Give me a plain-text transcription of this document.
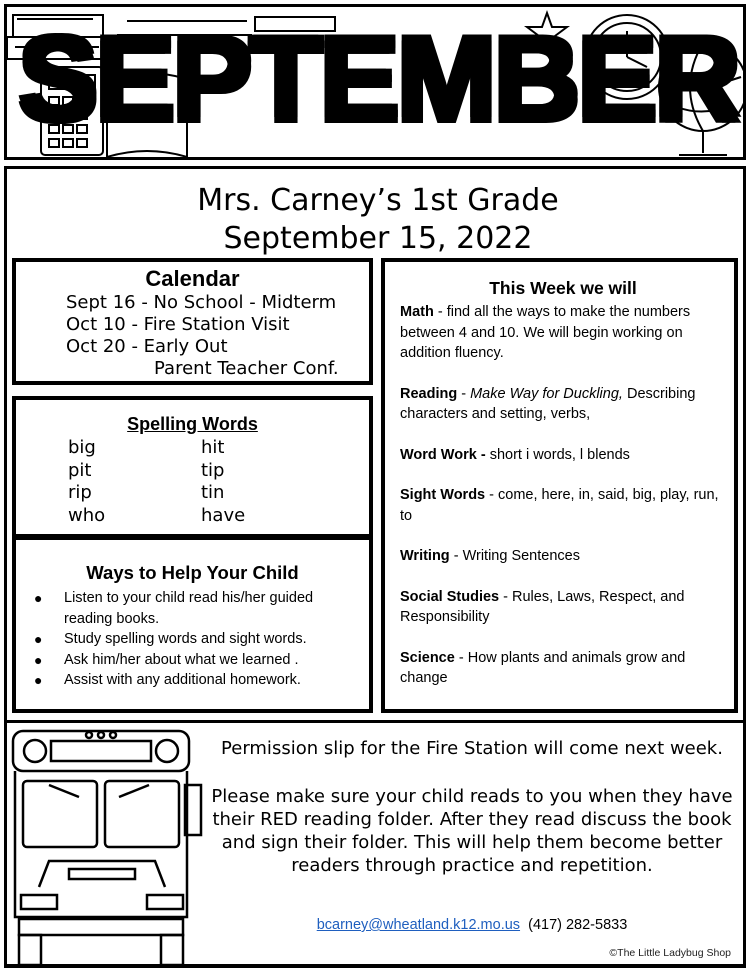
SEPTEMBER
Mrs. Carney’s 1st Grade
September 15, 2022
Calendar
Sept 16 - No School - Midterm
Oct 10 - Fire Station Visit
Oct 20 - Early Out
Parent Teacher Conf.
Spelling Words
big	hit
pit	tip
rip	tin
who	have
Ways to Help Your Child
● Listen to your child read his/her guided reading books.
● Study spelling words and sight words.
● Ask him/her about what we learned .
● Assist with any additional homework.
This Week we will
Math - find all the ways to make the numbers between 4 and 10. We will begin working on addition fluency.
Reading - Make Way for Duckling, Describing characters and setting, verbs,
Word Work - short i words, l blends
Sight Words - come, here, in, said, big, play, run, to
Writing - Writing Sentences
Social Studies - Rules, Laws, Respect, and Responsibility
Science - How plants and animals grow and change
Permission slip for the Fire Station will come next week.
Please make sure your child reads to you when they have their RED reading folder. After they read discuss the book and sign their folder. This will help them become better readers through practice and repetition.
bcarney@wheatland.k12.mo.us (417) 282-5833
©The Little Ladybug Shop
